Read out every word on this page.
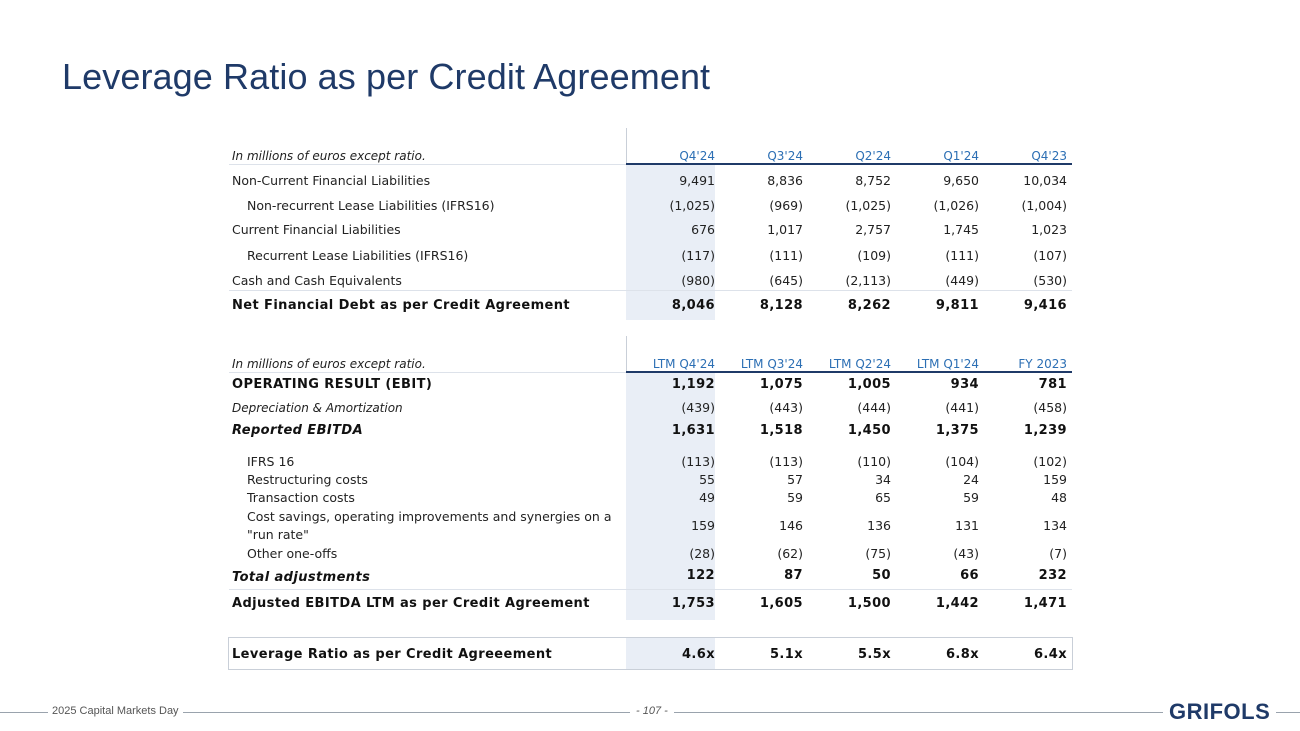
Leverage Ratio as per Credit Agreement
In millions of euros except ratio.	Q4'24	Q3'24	Q2'24	Q1'24	Q4'23
Non-Current Financial Liabilities	9,491	8,836	8,752	9,650	10,034
Non-recurrent Lease Liabilities (IFRS16)	(1,025)	(969)	(1,025)	(1,026)	(1,004)
Current Financial Liabilities	676	1,017	2,757	1,745	1,023
Recurrent Lease Liabilities (IFRS16)	(117)	(111)	(109)	(111)	(107)
Cash and Cash Equivalents	(980)	(645)	(2,113)	(449)	(530)
Net Financial Debt as per Credit Agreement	8,046	8,128	8,262	9,811	9,416
In millions of euros except ratio.	LTM Q4'24	LTM Q3'24	LTM Q2'24	LTM Q1'24	FY 2023
OPERATING RESULT (EBIT)	1,192	1,075	1,005	934	781
Depreciation & Amortization	(439)	(443)	(444)	(441)	(458)
Reported EBITDA	1,631	1,518	1,450	1,375	1,239
IFRS 16	(113)	(113)	(110)	(104)	(102)
Restructuring costs	55	57	34	24	159
Transaction costs	49	59	65	59	48
Cost savings, operating improvements and synergies on a "run rate"
159	146	136	131	134
Other one-offs	(28)	(62)	(75)	(43)	(7)
Total adjustments	122	87	50	66	232
Adjusted EBITDA LTM as per Credit Agreement	1,753	1,605	1,500	1,442	1,471
Leverage Ratio as per Credit Agreeement	4.6x	5.1x	5.5x	6.8x	6.4x
2025 Capital Markets Day	- 107 -	GRIFOLS
